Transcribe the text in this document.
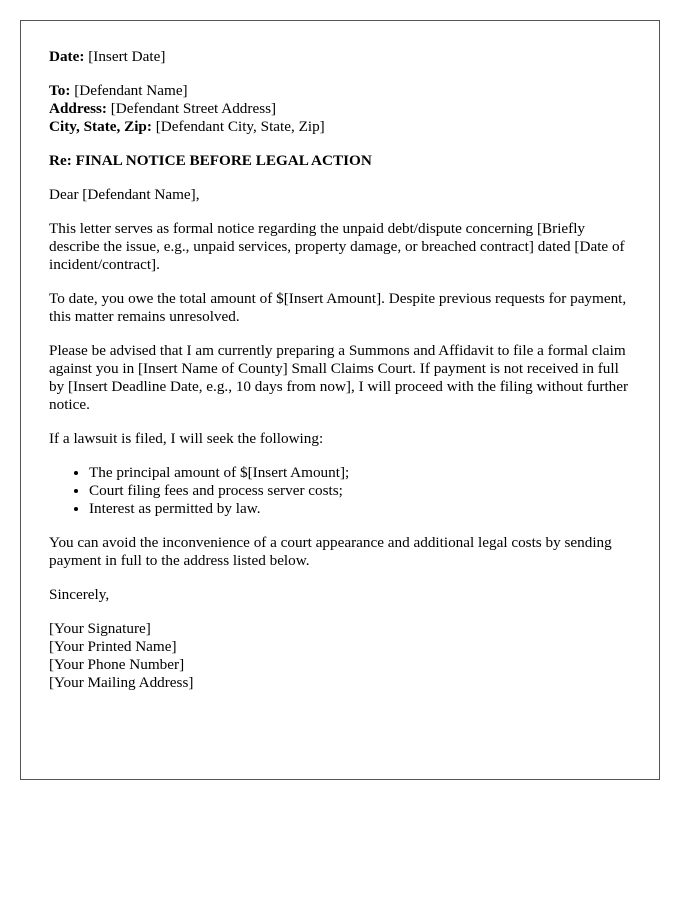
Date: [Insert Date]
To: [Defendant Name]
Address: [Defendant Street Address]
City, State, Zip: [Defendant City, State, Zip]
Re: FINAL NOTICE BEFORE LEGAL ACTION

Dear [Defendant Name],

This letter serves as formal notice regarding the unpaid debt/dispute concerning [Briefly describe the issue, e.g., unpaid services, property damage, or breached contract] dated [Date of incident/contract].

To date, you owe the total amount of $[Insert Amount]. Despite previous requests for payment, this matter remains unresolved.

Please be advised that I am currently preparing a Summons and Affidavit to file a formal claim against you in [Insert Name of County] Small Claims Court. If payment is not received in full by [Insert Deadline Date, e.g., 10 days from now], I will proceed with the filing without further notice.

If a lawsuit is filed, I will seek the following:

• The principal amount of $[Insert Amount];
• Court filing fees and process server costs;
• Interest as permitted by law.

You can avoid the inconvenience of a court appearance and additional legal costs by sending payment in full to the address listed below.

Sincerely,

[Your Signature]
[Your Printed Name]
[Your Phone Number]
[Your Mailing Address]
